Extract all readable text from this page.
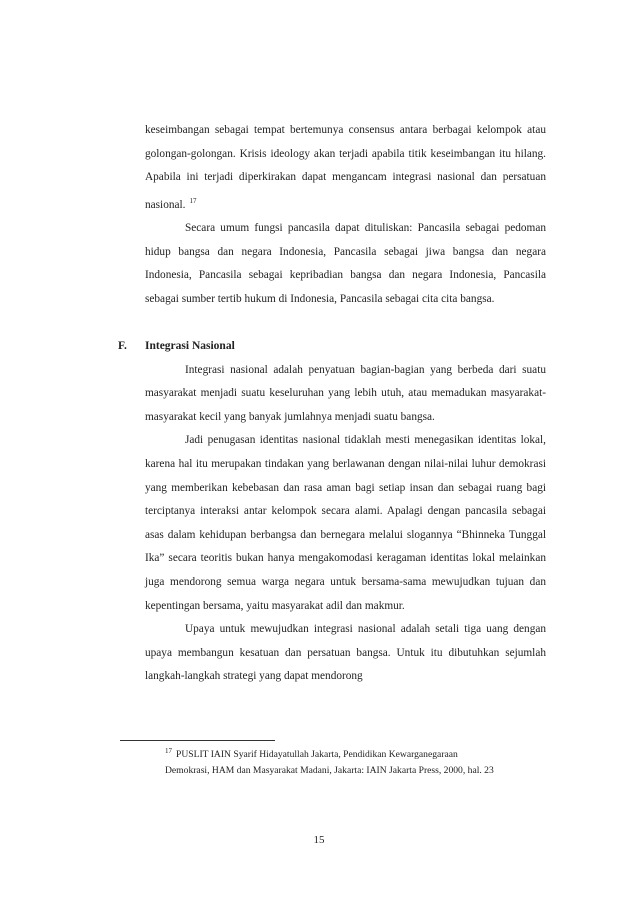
keseimbangan sebagai tempat bertemunya consensus antara berbagai kelompok atau golongan-golongan. Krisis ideology akan terjadi apabila titik keseimbangan itu hilang. Apabila ini terjadi diperkirakan dapat mengancam integrasi nasional dan persatuan nasional. $^{17}$

Secara umum fungsi pancasila dapat dituliskan: Pancasila sebagai pedoman hidup bangsa dan negara Indonesia, Pancasila sebagai jiwa bangsa dan negara Indonesia, Pancasila sebagai kepribadian bangsa dan negara Indonesia, Pancasila sebagai sumber tertib hukum di Indonesia, Pancasila sebagai cita cita bangsa.

F. Integrasi Nasional

Integrasi nasional adalah penyatuan bagian-bagian yang berbeda dari suatu masyarakat menjadi suatu keseluruhan yang lebih utuh, atau memadukan masyarakat-masyarakat kecil yang banyak jumlahnya menjadi suatu bangsa.

Jadi penugasan identitas nasional tidaklah mesti menegasikan identitas lokal, karena hal itu merupakan tindakan yang berlawanan dengan nilai-nilai luhur demokrasi yang memberikan kebebasan dan rasa aman bagi setiap insan dan sebagai ruang bagi terciptanya interaksi antar kelompok secara alami. Apalagi dengan pancasila sebagai asas dalam kehidupan berbangsa dan bernegara melalui slogannya “Bhinneka Tunggal Ika” secara teoritis bukan hanya mengakomodasi keragaman identitas lokal melainkan juga mendorong semua warga negara untuk bersama-sama mewujudkan tujuan dan kepentingan bersama, yaitu masyarakat adil dan makmur.

Upaya untuk mewujudkan integrasi nasional adalah setali tiga uang dengan upaya membangun kesatuan dan persatuan bangsa. Untuk itu dibutuhkan sejumlah langkah-langkah strategi yang dapat mendorong

$^{17}$ PUSLIT IAIN Syarif Hidayatullah Jakarta, Pendidikan Kewarganegaraan
Demokrasi, HAM dan Masyarakat Madani, Jakarta: IAIN Jakarta Press, 2000, hal. 23
15
